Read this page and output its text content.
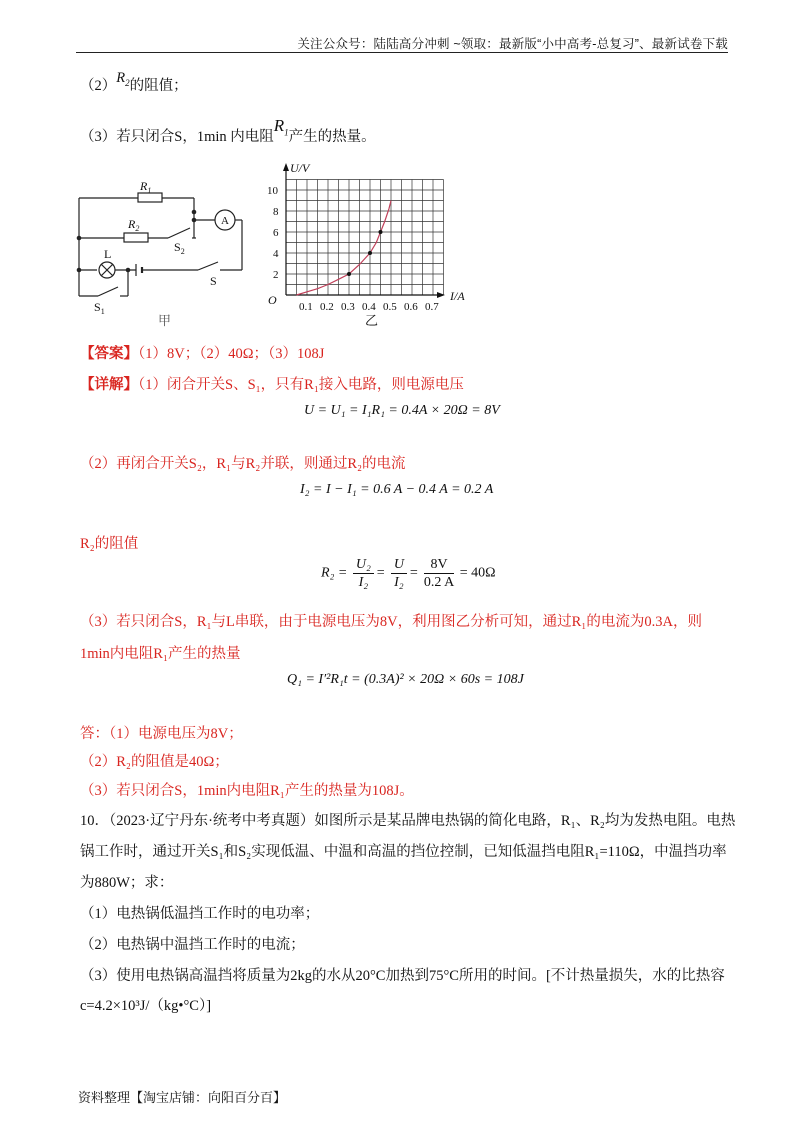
关注公众号：陆陆高分冲刺 ~领取：最新版“小中高考-总复习”、最新试卷下载
$(2)R_2$的阻值；
（3）若只闭合S，1min 内电阻$R_1$产生的热量。
$R_1$
$R_2$
A
$S_2$
L
$S_1$
S
甲
2
4
6
8
10
0.1 0.2 0.3 0.4 0.5 0.6 0.7
U/V
I/A
O
乙
【答案】（1）8V；（2）40Ω；（3）108J
【详解】（1）闭合开关S、S₁，只有R₁接入电路，则电源电压
U = U₁ = I₁R₁ = 0.4A × 20Ω = 8V
（2）再闭合开关S₂，R₁与R₂并联，则通过R₂的电流
I₂ = I − I₁ = 0.6 A − 0.4 A = 0.2 A
R₂的阻值
$R_2 = \frac{\text{U₂}}{\text{I₂}} = \frac{U}{\text{I₂}} = \frac{8V}{0.2 A} = 40\Omega$
（3）若只闭合S，R₁与L串联，由于电源电压为8V，利用图乙分析可知，通过R₁的电流为0.3A，则
1min内电阻R₁产生的热量
Q₁ = I′²R₁t = (0.3A)² × 20Ω × 60s = 108J
答：（1）电源电压为8V；
（2）R₂的阻值是40Ω；
（3）若只闭合S，1min内电阻R₁产生的热量为108J。
10．（2023·辽宁丹东·统考中考真题）如图所示是某品牌电热锅的简化电路，R₁、R₂均为发热电阻。电热
锅工作时，通过开关S₁和S₂实现低温、中温和高温的挡位控制，已知低温挡电阻R₁=110Ω，中温挡功率
为880W；求：
（1）电热锅低温挡工作时的电功率；
（2）电热锅中温挡工作时的电流；
（3）使用电热锅高温挡将质量为2kg的水从20°C加热到75°C所用的时间。[不计热量损失，水的比热容
c=4.2×10³J/（kg•°C）]
资料整理【淘宝店铺：向阳百分百】
